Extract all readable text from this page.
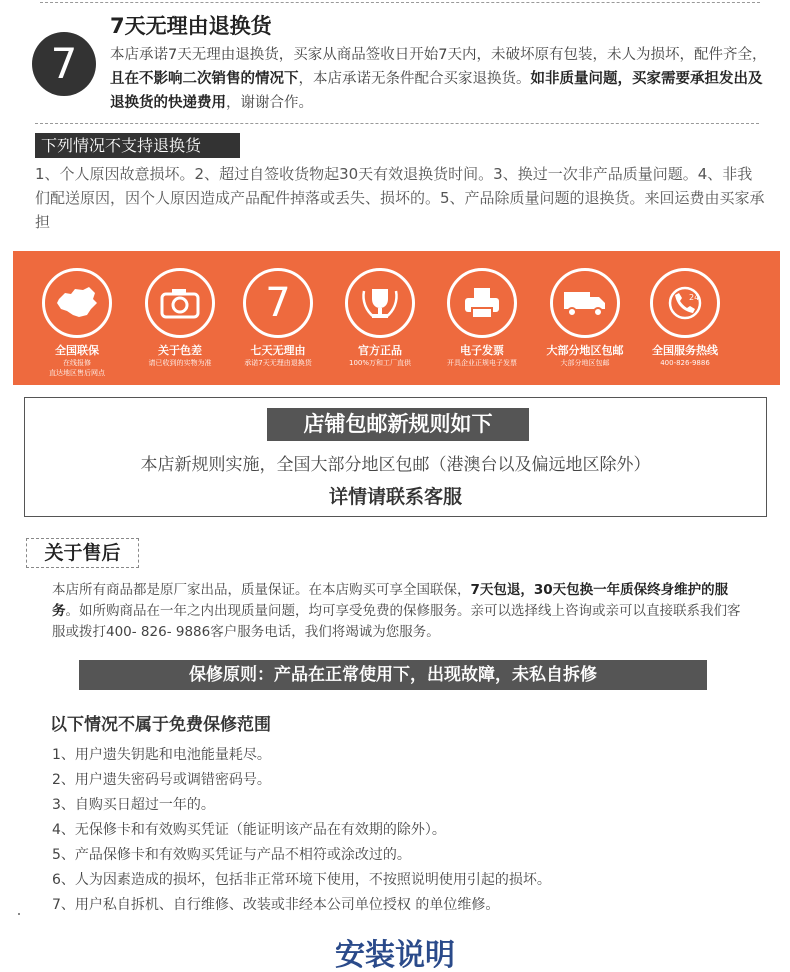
7
7天无理由退换货
本店承诺7天无理由退换货，买家从商品签收日开始7天内，未破坏原有包装，未人为损坏，配件齐全，且在不影响二次销售的情况下，本店承诺无条件配合买家退换货。如非质量问题，买家需要承担发出及退换货的快递费用，谢谢合作。
下列情况不支持退换货
1、个人原因故意损坏。2、超过自签收货物起30天有效退换货时间。3、换过一次非产品质量问题。4、非我们配送原因，因个人原因造成产品配件掉落或丢失、损坏的。5、产品除质量问题的退换货。来回运费由买家承担
全国联保
在线报修
直达地区售后网点
关于色差
请已收到的实物为准
7
七天无理由
承诺7天无理由退换货
官方正品
100%万和工厂直供
电子发票
开具企业正规电子发票
大部分地区包邮
大部分地区包邮
24
全国服务热线
400-826-9886
店铺包邮新规则如下
本店新规则实施，全国大部分地区包邮（港澳台以及偏远地区除外）
详情请联系客服
关于售后
本店所有商品都是原厂家出品，质量保证。在本店购买可享全国联保，7天包退，30天包换一年质保终身维护的服务。如所购商品在一年之内出现质量问题，均可享受免费的保修服务。亲可以选择线上咨询或亲可以直接联系我们客服或拨打400- 826- 9886客户服务电话，我们将竭诚为您服务。
保修原则：产品在正常使用下，出现故障，未私自拆修
以下情况不属于免费保修范围
1、用户遗失钥匙和电池能量耗尽。
2、用户遗失密码号或调错密码号。
3、自购买日超过一年的。
4、无保修卡和有效购买凭证（能证明该产品在有效期的除外）。
5、产品保修卡和有效购买凭证与产品不相符或涂改过的。
6、人为因素造成的损坏，包括非正常环境下使用，不按照说明使用引起的损坏。
7、用户私自拆机、自行维修、改装或非经本公司单位授权 的单位维修。
安装说明
